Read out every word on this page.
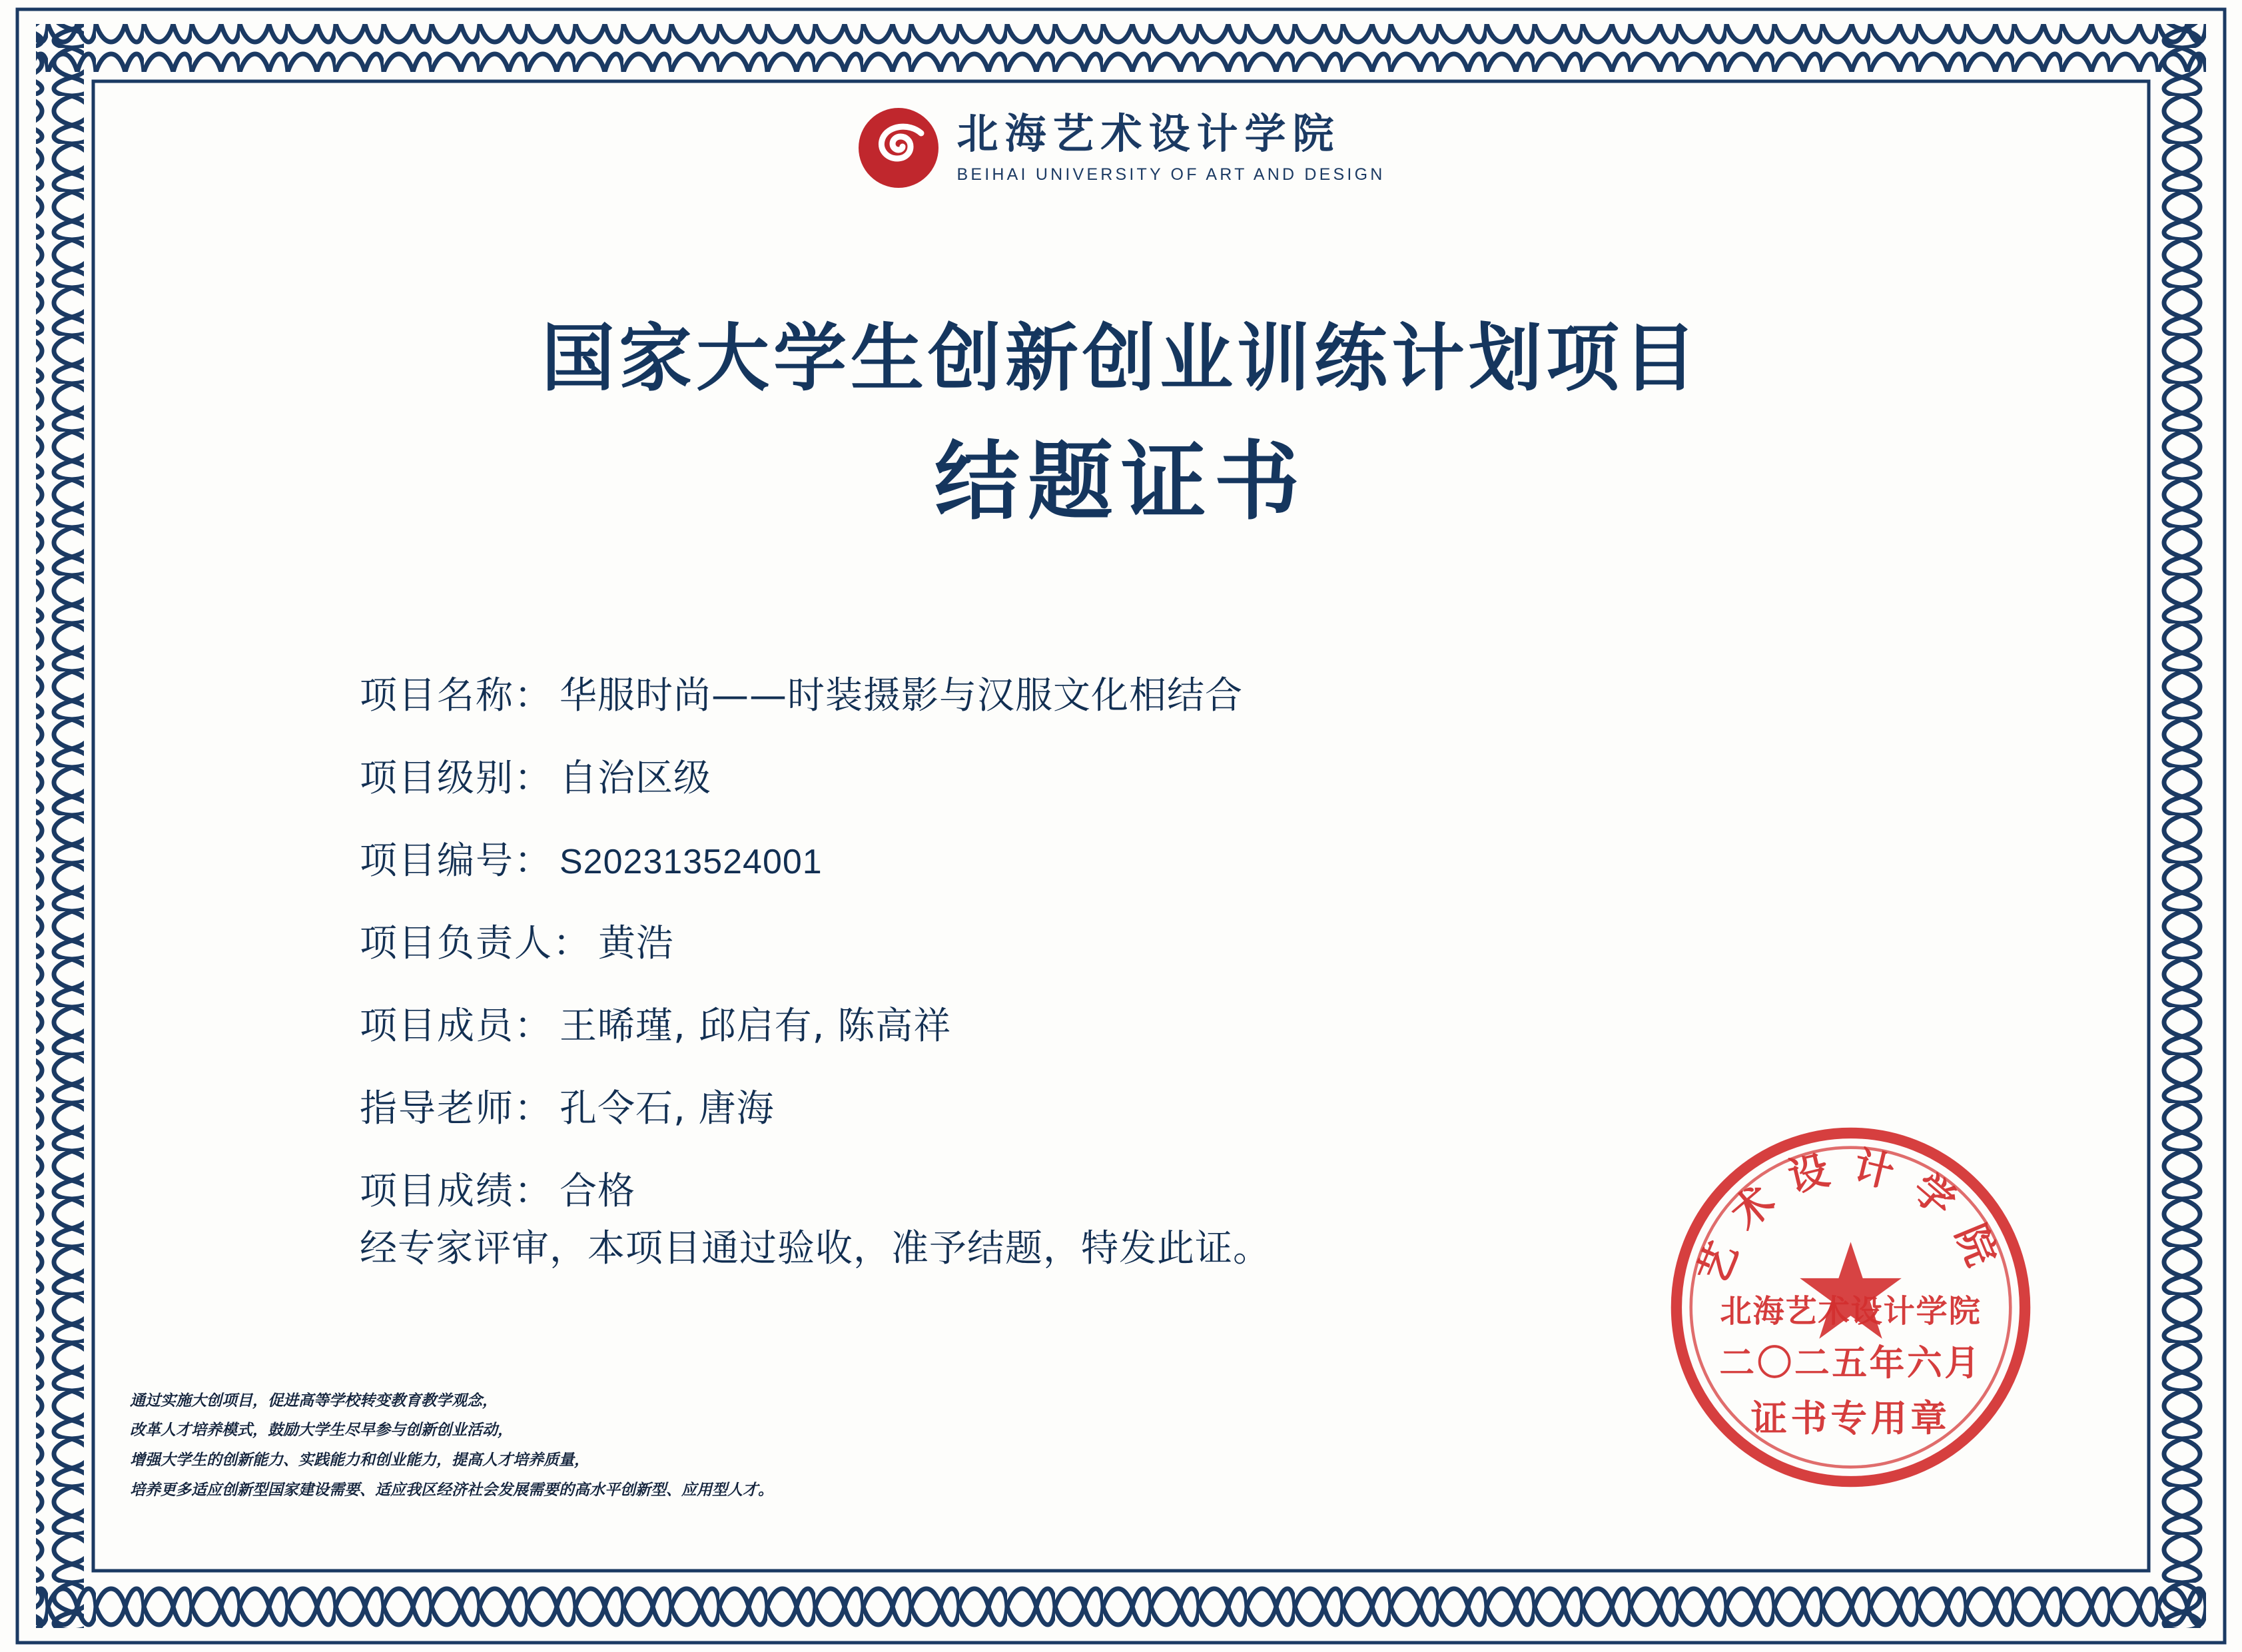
北海艺术设计学院
BEIHAI UNIVERSITY OF ART AND DESIGN
国家大学生创新创业训练计划项目
结题证书
项目名称： 华服时尚——时装摄影与汉服文化相结合
项目级别： 自治区级
项目编号： S202313524001
项目负责人： 黄浩
项目成员： 王晞瑾, 邱启有, 陈高祥
指导老师： 孔令石, 唐海
项目成绩： 合格
经专家评审，本项目通过验收，准予结题，特发此证。
通过实施大创项目，促进高等学校转变教育教学观念，
改革人才培养模式，鼓励大学生尽早参与创新创业活动，
增强大学生的创新能力、实践能力和创业能力，提高人才培养质量，
培养更多适应创新型国家建设需要、适应我区经济社会发展需要的高水平创新型、应用型人才。
艺术设计学院
北海艺术设计学院
二〇二五年六月
证书专用章
